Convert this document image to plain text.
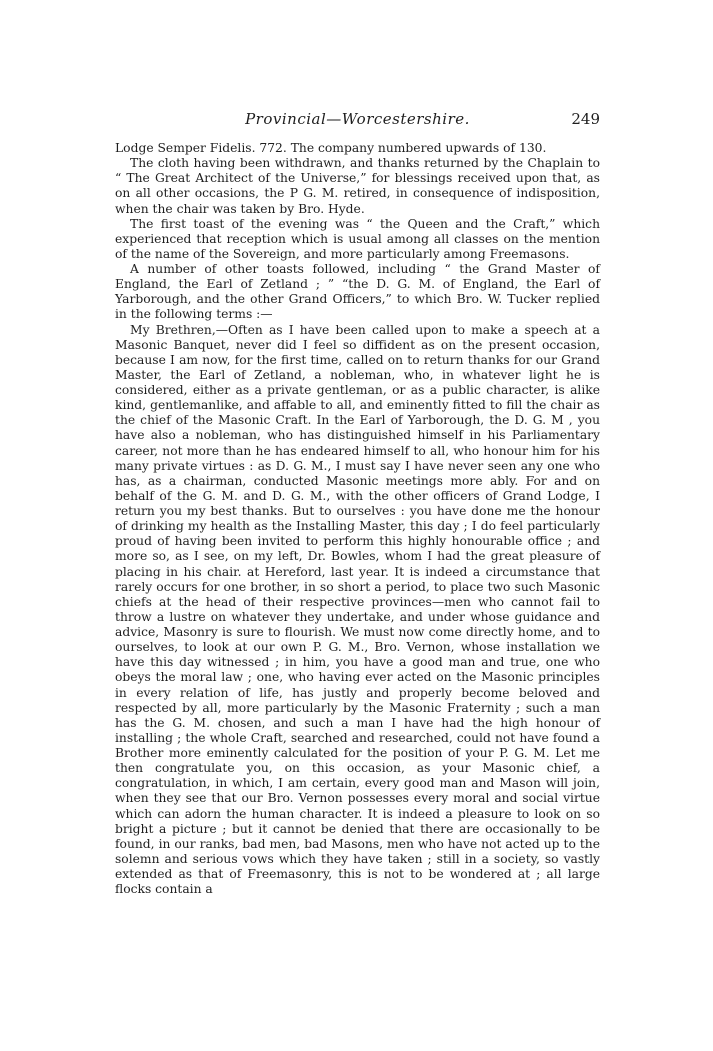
Provincial—Worcestershire.	249

Lodge Semper Fidelis. 772. The company numbered upwards of 130.

The cloth having been withdrawn, and thanks returned by the Chaplain to “ The Great Architect of the Universe,” for blessings received upon that, as on all other occasions, the P G. M. retired, in consequence of indisposition, when the chair was taken by Bro. Hyde.

The first toast of the evening was “ the Queen and the Craft,” which experienced that reception which is usual among all classes on the mention of the name of the Sovereign, and more particularly among Freemasons.

A number of other toasts followed, including “ the Grand Master of England, the Earl of Zetland ; ” “the D. G. M. of England, the Earl of Yarborough, and the other Grand Officers,” to which Bro. W. Tucker replied in the following terms :—

My Brethren,—Often as I have been called upon to make a speech at a Masonic Banquet, never did I feel so diffident as on the present occasion, because I am now, for the first time, called on to return thanks for our Grand Master, the Earl of Zetland, a nobleman, who, in whatever light he is considered, either as a private gentleman, or as a public character, is alike kind, gentlemanlike, and affable to all, and eminently fitted to fill the chair as the chief of the Masonic Craft. In the Earl of Yarborough, the D. G. M , you have also a nobleman, who has distinguished himself in his Parliamentary career, not more than he has endeared himself to all, who honour him for his many private virtues : as D. G. M., I must say I have never seen any one who has, as a chairman, conducted Masonic meetings more ably. For and on behalf of the G. M. and D. G. M., with the other officers of Grand Lodge, I return you my best thanks. But to ourselves : you have done me the honour of drinking my health as the Installing Master, this day ; I do feel particularly proud of having been invited to perform this highly honourable office ; and more so, as I see, on my left, Dr. Bowles, whom I had the great pleasure of placing in his chair. at Hereford, last year. It is indeed a circumstance that rarely occurs for one brother, in so short a period, to place two such Masonic chiefs at the head of their respective provinces—men who cannot fail to throw a lustre on whatever they undertake, and under whose guidance and advice, Masonry is sure to flourish. We must now come directly home, and to ourselves, to look at our own P. G. M., Bro. Vernon, whose installation we have this day witnessed ; in him, you have a good man and true, one who obeys the moral law ; one, who having ever acted on the Masonic principles in every relation of life, has justly and properly become beloved and respected by all, more particularly by the Masonic Fraternity ; such a man has the G. M. chosen, and such a man I have had the high honour of installing ; the whole Craft, searched and researched, could not have found a Brother more eminently calculated for the position of your P. G. M. Let me then congratulate you, on this occasion, as your Masonic chief, a congratulation, in which, I am certain, every good man and Mason will join, when they see that our Bro. Vernon possesses every moral and social virtue which can adorn the human character. It is indeed a pleasure to look on so bright a picture ; but it cannot be denied that there are occasionally to be found, in our ranks, bad men, bad Masons, men who have not acted up to the solemn and serious vows which they have taken ; still in a society, so vastly extended as that of Freemasonry, this is not to be wondered at ; all large flocks contain a
